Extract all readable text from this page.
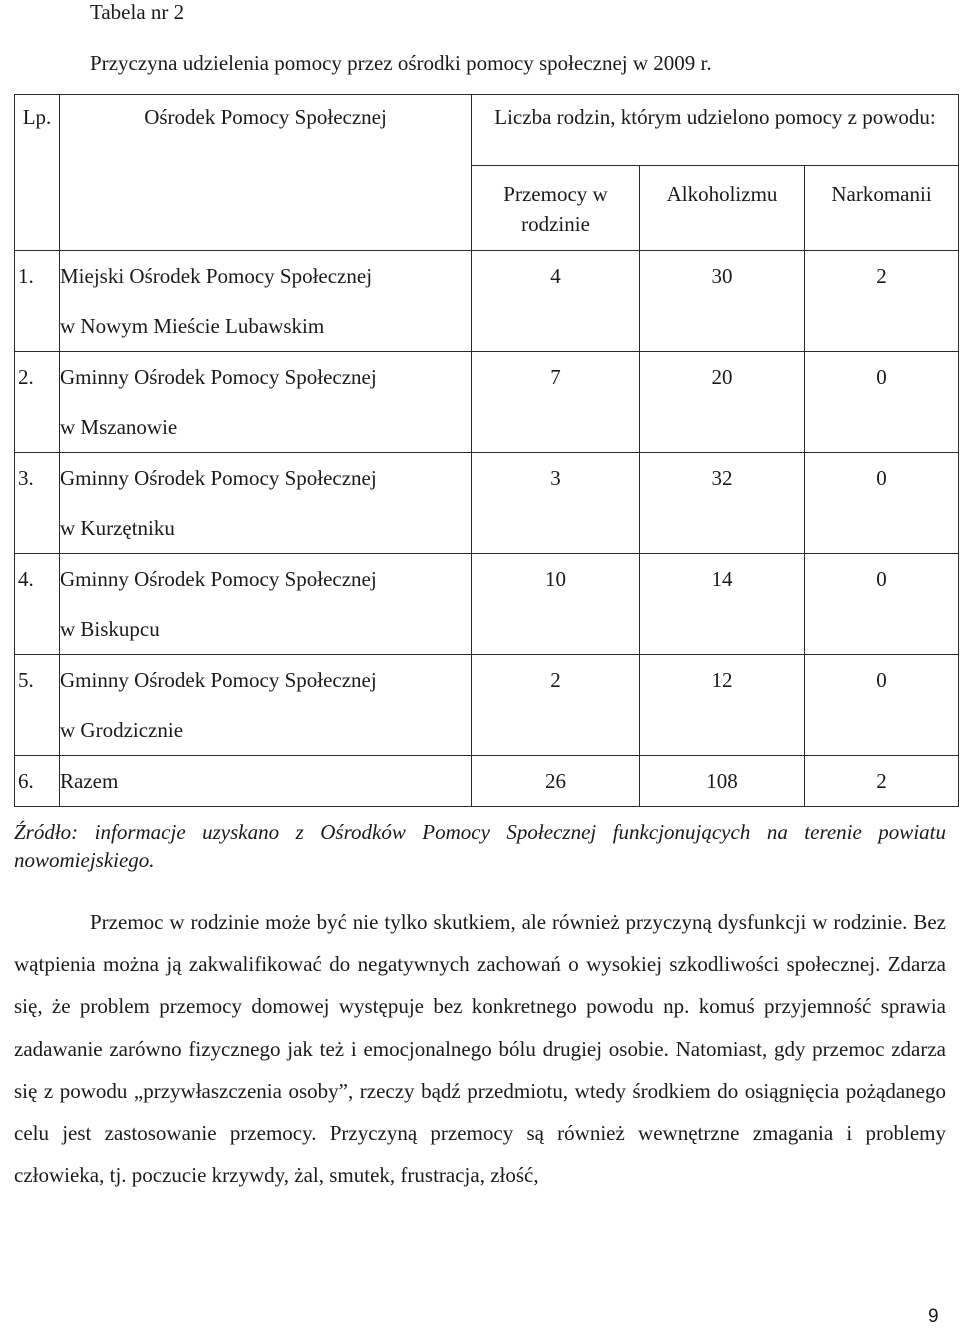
Tabela nr 2

Przyczyna udzielenia pomocy przez ośrodki pomocy społecznej w 2009 r.

Lp.	Ośrodek Pomocy Społecznej	Liczba rodzin, którym udzielono pomocy z powodu:		
		Przemocy w rodzinie	Alkoholizmu	Narkomanii
1.	Miejski Ośrodek Pomocy Społecznej
w Nowym Mieście Lubawskim	4	30	2
2.	Gminny Ośrodek Pomocy Społecznej
w Mszanowie	7	20	0
3.	Gminny Ośrodek Pomocy Społecznej
w Kurzętniku	3	32	0
4.	Gminny Ośrodek Pomocy Społecznej
w Biskupcu	10	14	0
5.	Gminny Ośrodek Pomocy Społecznej
w Grodzicznie	2	12	0
6.	Razem	26	108	2

Źródło: informacje uzyskano z Ośrodków Pomocy Społecznej funkcjonujących na terenie powiatu nowomiejskiego.

Przemoc w rodzinie może być nie tylko skutkiem, ale również przyczyną dysfunkcji w rodzinie. Bez wątpienia można ją zakwalifikować do negatywnych zachowań o wysokiej szkodliwości społecznej. Zdarza się, że problem przemocy domowej występuje bez konkretnego powodu np. komuś przyjemność sprawia zadawanie zarówno fizycznego jak też i emocjonalnego bólu drugiej osobie. Natomiast, gdy przemoc zdarza się z powodu „przywłaszczenia osoby”, rzeczy bądź przedmiotu, wtedy środkiem do osiągnięcia pożądanego celu jest zastosowanie przemocy. Przyczyną przemocy są również wewnętrzne zmagania i problemy człowieka, tj. poczucie krzywdy, żal, smutek, frustracja, złość,

9
